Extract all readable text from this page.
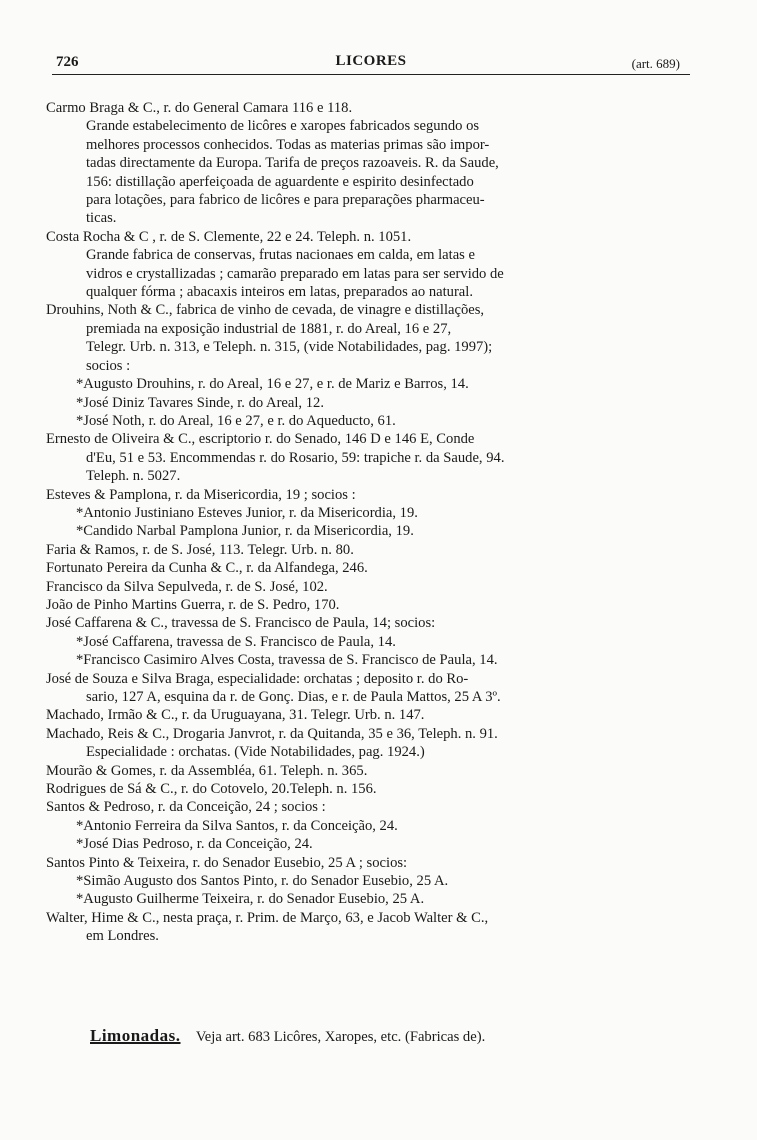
726	LICORES	(art. 689)
Carmo Braga & C., r. do General Camara 116 e 118.
Grande estabelecimento de licôres e xaropes fabricados segundo os
melhores processos conhecidos. Todas as materias primas são impor-
tadas directamente da Europa. Tarifa de preços razoaveis. R. da Saude,
156: distillação aperfeiçoada de aguardente e espirito desinfectado
para lotações, para fabrico de licôres e para preparações pharmaceu-
ticas.
Costa Rocha & C , r. de S. Clemente, 22 e 24. Teleph. n. 1051.
Grande fabrica de conservas, frutas nacionaes em calda, em latas e
vidros e crystallizadas ; camarão preparado em latas para ser servido de
qualquer fórma ; abacaxis inteiros em latas, preparados ao natural.
Drouhins, Noth & C., fabrica de vinho de cevada, de vinagre e distillações,
premiada na exposição industrial de 1881, r. do Areal, 16 e 27,
Telegr. Urb. n. 313, e Teleph. n. 315, (vide Notabilidades, pag. 1997);
socios :
*Augusto Drouhins, r. do Areal, 16 e 27, e r. de Mariz e Barros, 14.
*José Diniz Tavares Sinde, r. do Areal, 12.
*José Noth, r. do Areal, 16 e 27, e r. do Aqueducto, 61.
Ernesto de Oliveira & C., escriptorio r. do Senado, 146 D e 146 E, Conde
d'Eu, 51 e 53. Encommendas r. do Rosario, 59: trapiche r. da Saude, 94.
Teleph. n. 5027.
Esteves & Pamplona, r. da Misericordia, 19 ; socios :
*Antonio Justiniano Esteves Junior, r. da Misericordia, 19.
*Candido Narbal Pamplona Junior, r. da Misericordia, 19.
Faria & Ramos, r. de S. José, 113. Telegr. Urb. n. 80.
Fortunato Pereira da Cunha & C., r. da Alfandega, 246.
Francisco da Silva Sepulveda, r. de S. José, 102.
João de Pinho Martins Guerra, r. de S. Pedro, 170.
José Caffarena & C., travessa de S. Francisco de Paula, 14; socios:
*José Caffarena, travessa de S. Francisco de Paula, 14.
*Francisco Casimiro Alves Costa, travessa de S. Francisco de Paula, 14.
José de Souza e Silva Braga, especialidade: orchatas ; deposito r. do Ro-
sario, 127 A, esquina da r. de Gonç. Dias, e r. de Paula Mattos, 25 A 3º.
Machado, Irmão & C., r. da Uruguayana, 31. Telegr. Urb. n. 147.
Machado, Reis & C., Drogaria Janvrot, r. da Quitanda, 35 e 36, Teleph. n. 91.
Especialidade : orchatas. (Vide Notabilidades, pag. 1924.)
Mourão & Gomes, r. da Assembléa, 61. Teleph. n. 365.
Rodrigues de Sá & C., r. do Cotovelo, 20.Teleph. n. 156.
Santos & Pedroso, r. da Conceição, 24 ; socios :
*Antonio Ferreira da Silva Santos, r. da Conceição, 24.
*José Dias Pedroso, r. da Conceição, 24.
Santos Pinto & Teixeira, r. do Senador Eusebio, 25 A ; socios:
*Simão Augusto dos Santos Pinto, r. do Senador Eusebio, 25 A.
*Augusto Guilherme Teixeira, r. do Senador Eusebio, 25 A.
Walter, Hime & C., nesta praça, r. Prim. de Março, 63, e Jacob Walter & C.,
em Londres.
Limonadas. Veja art. 683 Licôres, Xaropes, etc. (Fabricas de).
